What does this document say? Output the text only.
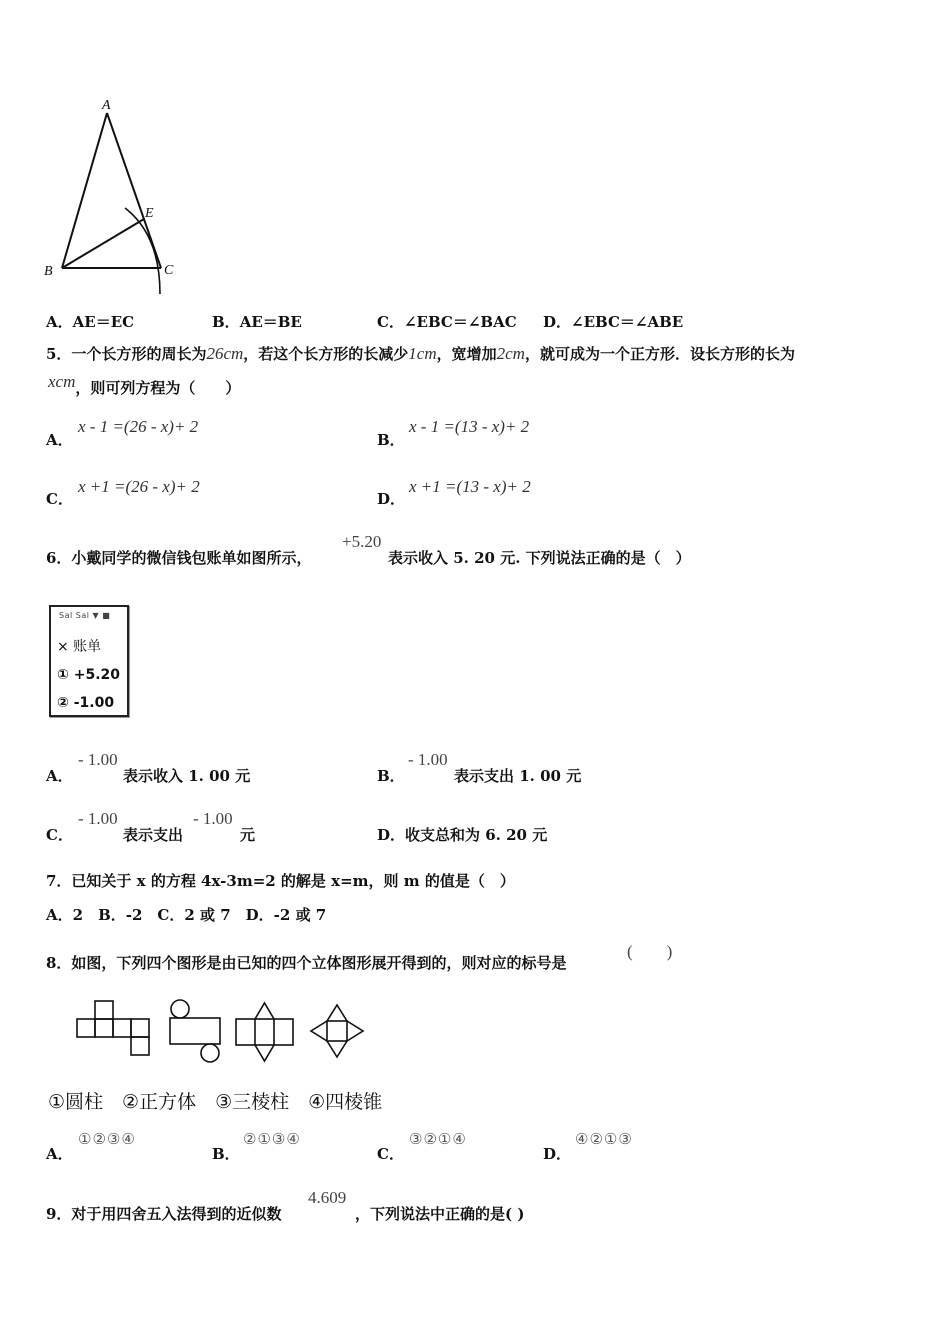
A
B	C
E
A．AE＝EC	B．AE＝BE	C．∠EBC＝∠BAC D．∠EBC＝∠ABE
5．一个长方形的周长为26cm，若这个长方形的长减少1cm，宽增加2cm，就可成为一个正方形．设长方形的长为
xcm，则可列方程为（　　）
A．
x - 1 =(26 - x)+ 2
B．
x - 1 =(13 - x)+ 2
C．
x +1 =(26 - x)+ 2
D．
x +1 =(13 - x)+ 2
6．小戴同学的微信钱包账单如图所示，
+5.20
表示收入 5. 20 元. 下列说法正确的是（　）
Sal Sal ▼ ■
× 账单
① +5.20
② -1.00
A．
- 1.00
表示收入 1. 00 元	B．
- 1.00
表示支出 1. 00 元
C．
- 1.00
表示支出
- 1.00
元	D．收支总和为 6. 20 元
7．已知关于 x 的方程 4x-3m=2 的解是 x=m，则 m 的值是（　）
A．2　B．-2　C．2 或 7　D．-2 或 7
8．如图，下列四个图形是由已知的四个立体图形展开得到的，则对应的标号是
(　　)
①圆柱　②正方体　③三棱柱　④四棱锥
A．
①②③④
B．
②①③④
C．
③②①④
D．
④②①③
9．对于用四舍五入法得到的近似数
4.609
，下列说法中正确的是( )
